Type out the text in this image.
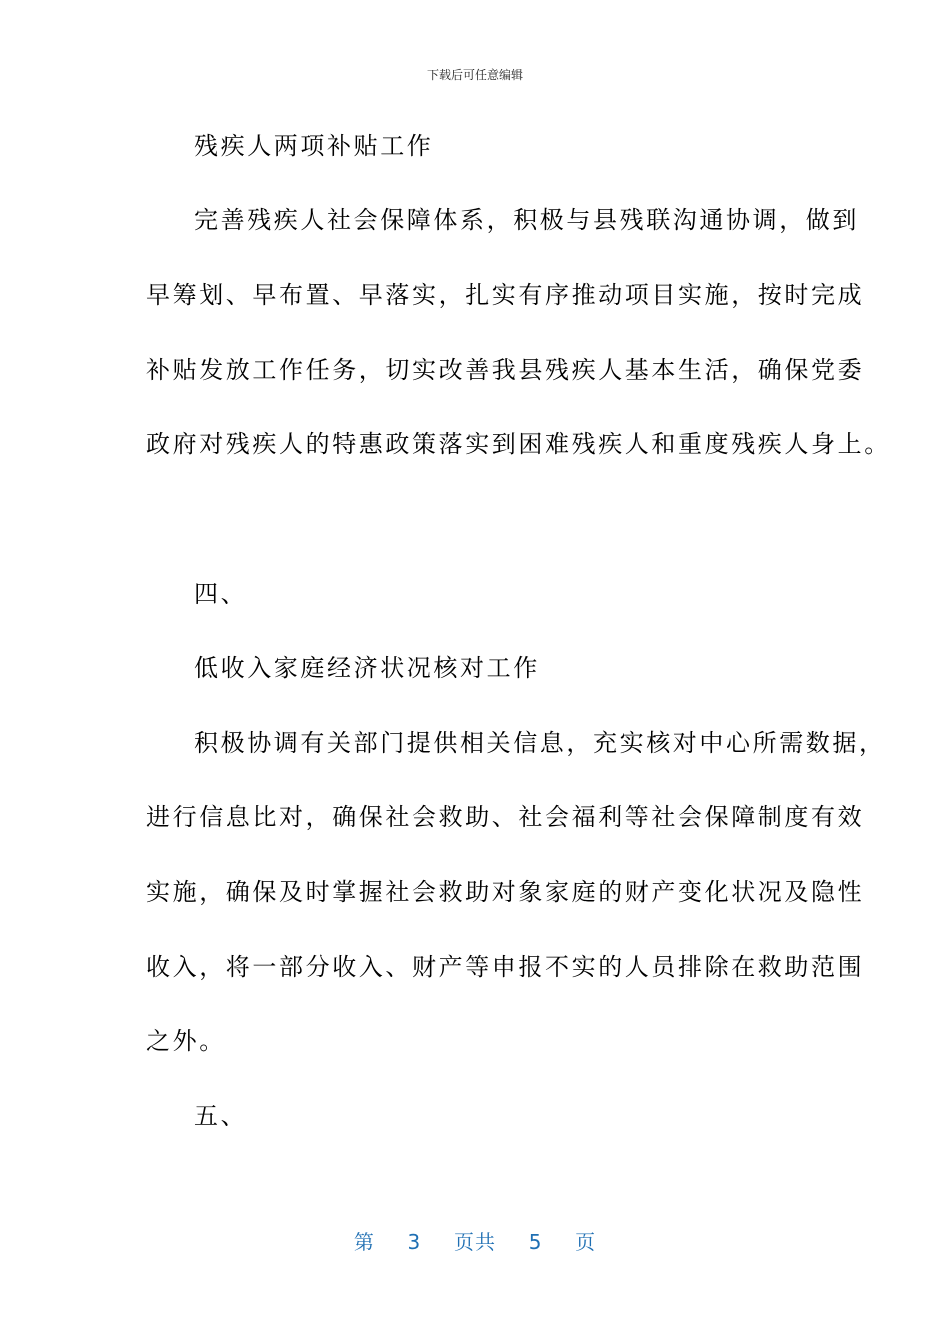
下载后可任意编辑
残疾人两项补贴工作
完善残疾人社会保障体系，积极与县残联沟通协调，做到
早筹划、早布置、早落实，扎实有序推动项目实施，按时完成
补贴发放工作任务，切实改善我县残疾人基本生活，确保党委
政府对残疾人的特惠政策落实到困难残疾人和重度残疾人身上。
四、
低收入家庭经济状况核对工作
积极协调有关部门提供相关信息，充实核对中心所需数据，
进行信息比对，确保社会救助、社会福利等社会保障制度有效
实施，确保及时掌握社会救助对象家庭的财产变化状况及隐性
收入，将一部分收入、财产等申报不实的人员排除在救助范围
之外。
五、
第 3 页共 5 页
